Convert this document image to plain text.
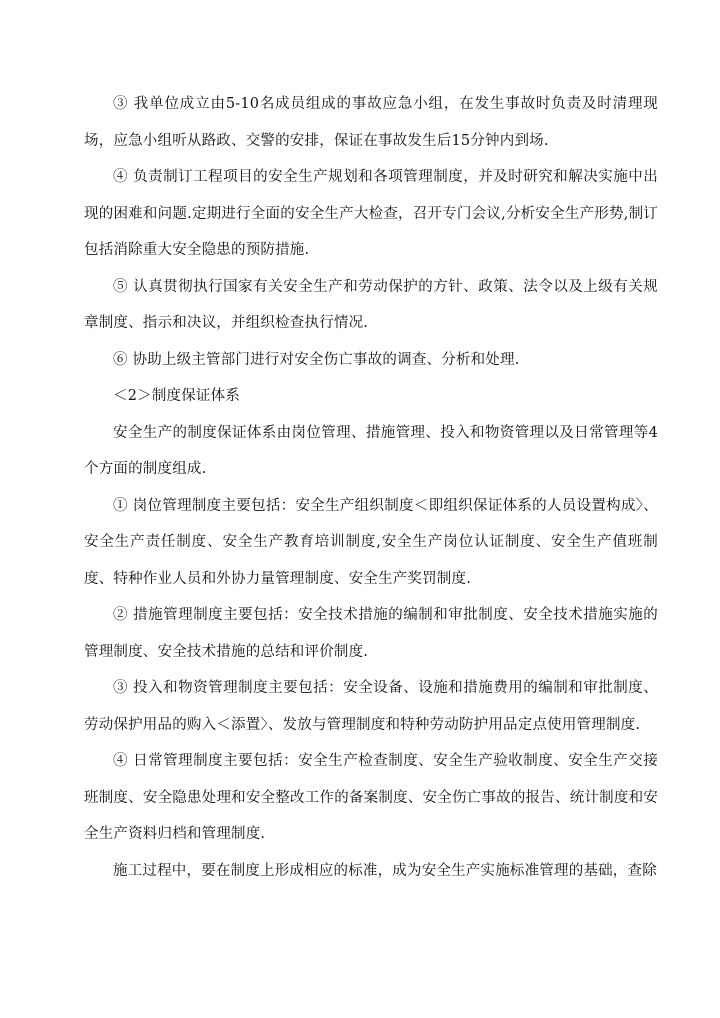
③ 我单位成立由5-10名成员组成的事故应急小组，在发生事故时负责及时清理现场，应急小组听从路政、交警的安排，保证在事故发生后15分钟内到场.

④ 负责制订工程项目的安全生产规划和各项管理制度，并及时研究和解决实施中出现的困难和问题.定期进行全面的安全生产大检查，召开专门会议,分析安全生产形势,制订包括消除重大安全隐患的预防措施.

⑤ 认真贯彻执行国家有关安全生产和劳动保护的方针、政策、法令以及上级有关规章制度、指示和决议，并组织检查执行情况.

⑥ 协助上级主管部门进行对安全伤亡事故的调查、分析和处理.

＜2＞制度保证体系

安全生产的制度保证体系由岗位管理、措施管理、投入和物资管理以及日常管理等4个方面的制度组成.

① 岗位管理制度主要包括：安全生产组织制度＜即组织保证体系的人员设置构成〉、安全生产责任制度、安全生产教育培训制度,安全生产岗位认证制度、安全生产值班制度、特种作业人员和外协力量管理制度、安全生产奖罚制度.

② 措施管理制度主要包括：安全技术措施的编制和审批制度、安全技术措施实施的管理制度、安全技术措施的总结和评价制度.

③ 投入和物资管理制度主要包括：安全设备、设施和措施费用的编制和审批制度、劳动保护用品的购入＜添置〉、发放与管理制度和特种劳动防护用品定点使用管理制度.

④ 日常管理制度主要包括：安全生产检查制度、安全生产验收制度、安全生产交接班制度、安全隐患处理和安全整改工作的备案制度、安全伤亡事故的报告、统计制度和安全生产资料归档和管理制度.

施工过程中，要在制度上形成相应的标准，成为安全生产实施标准管理的基础，查除
